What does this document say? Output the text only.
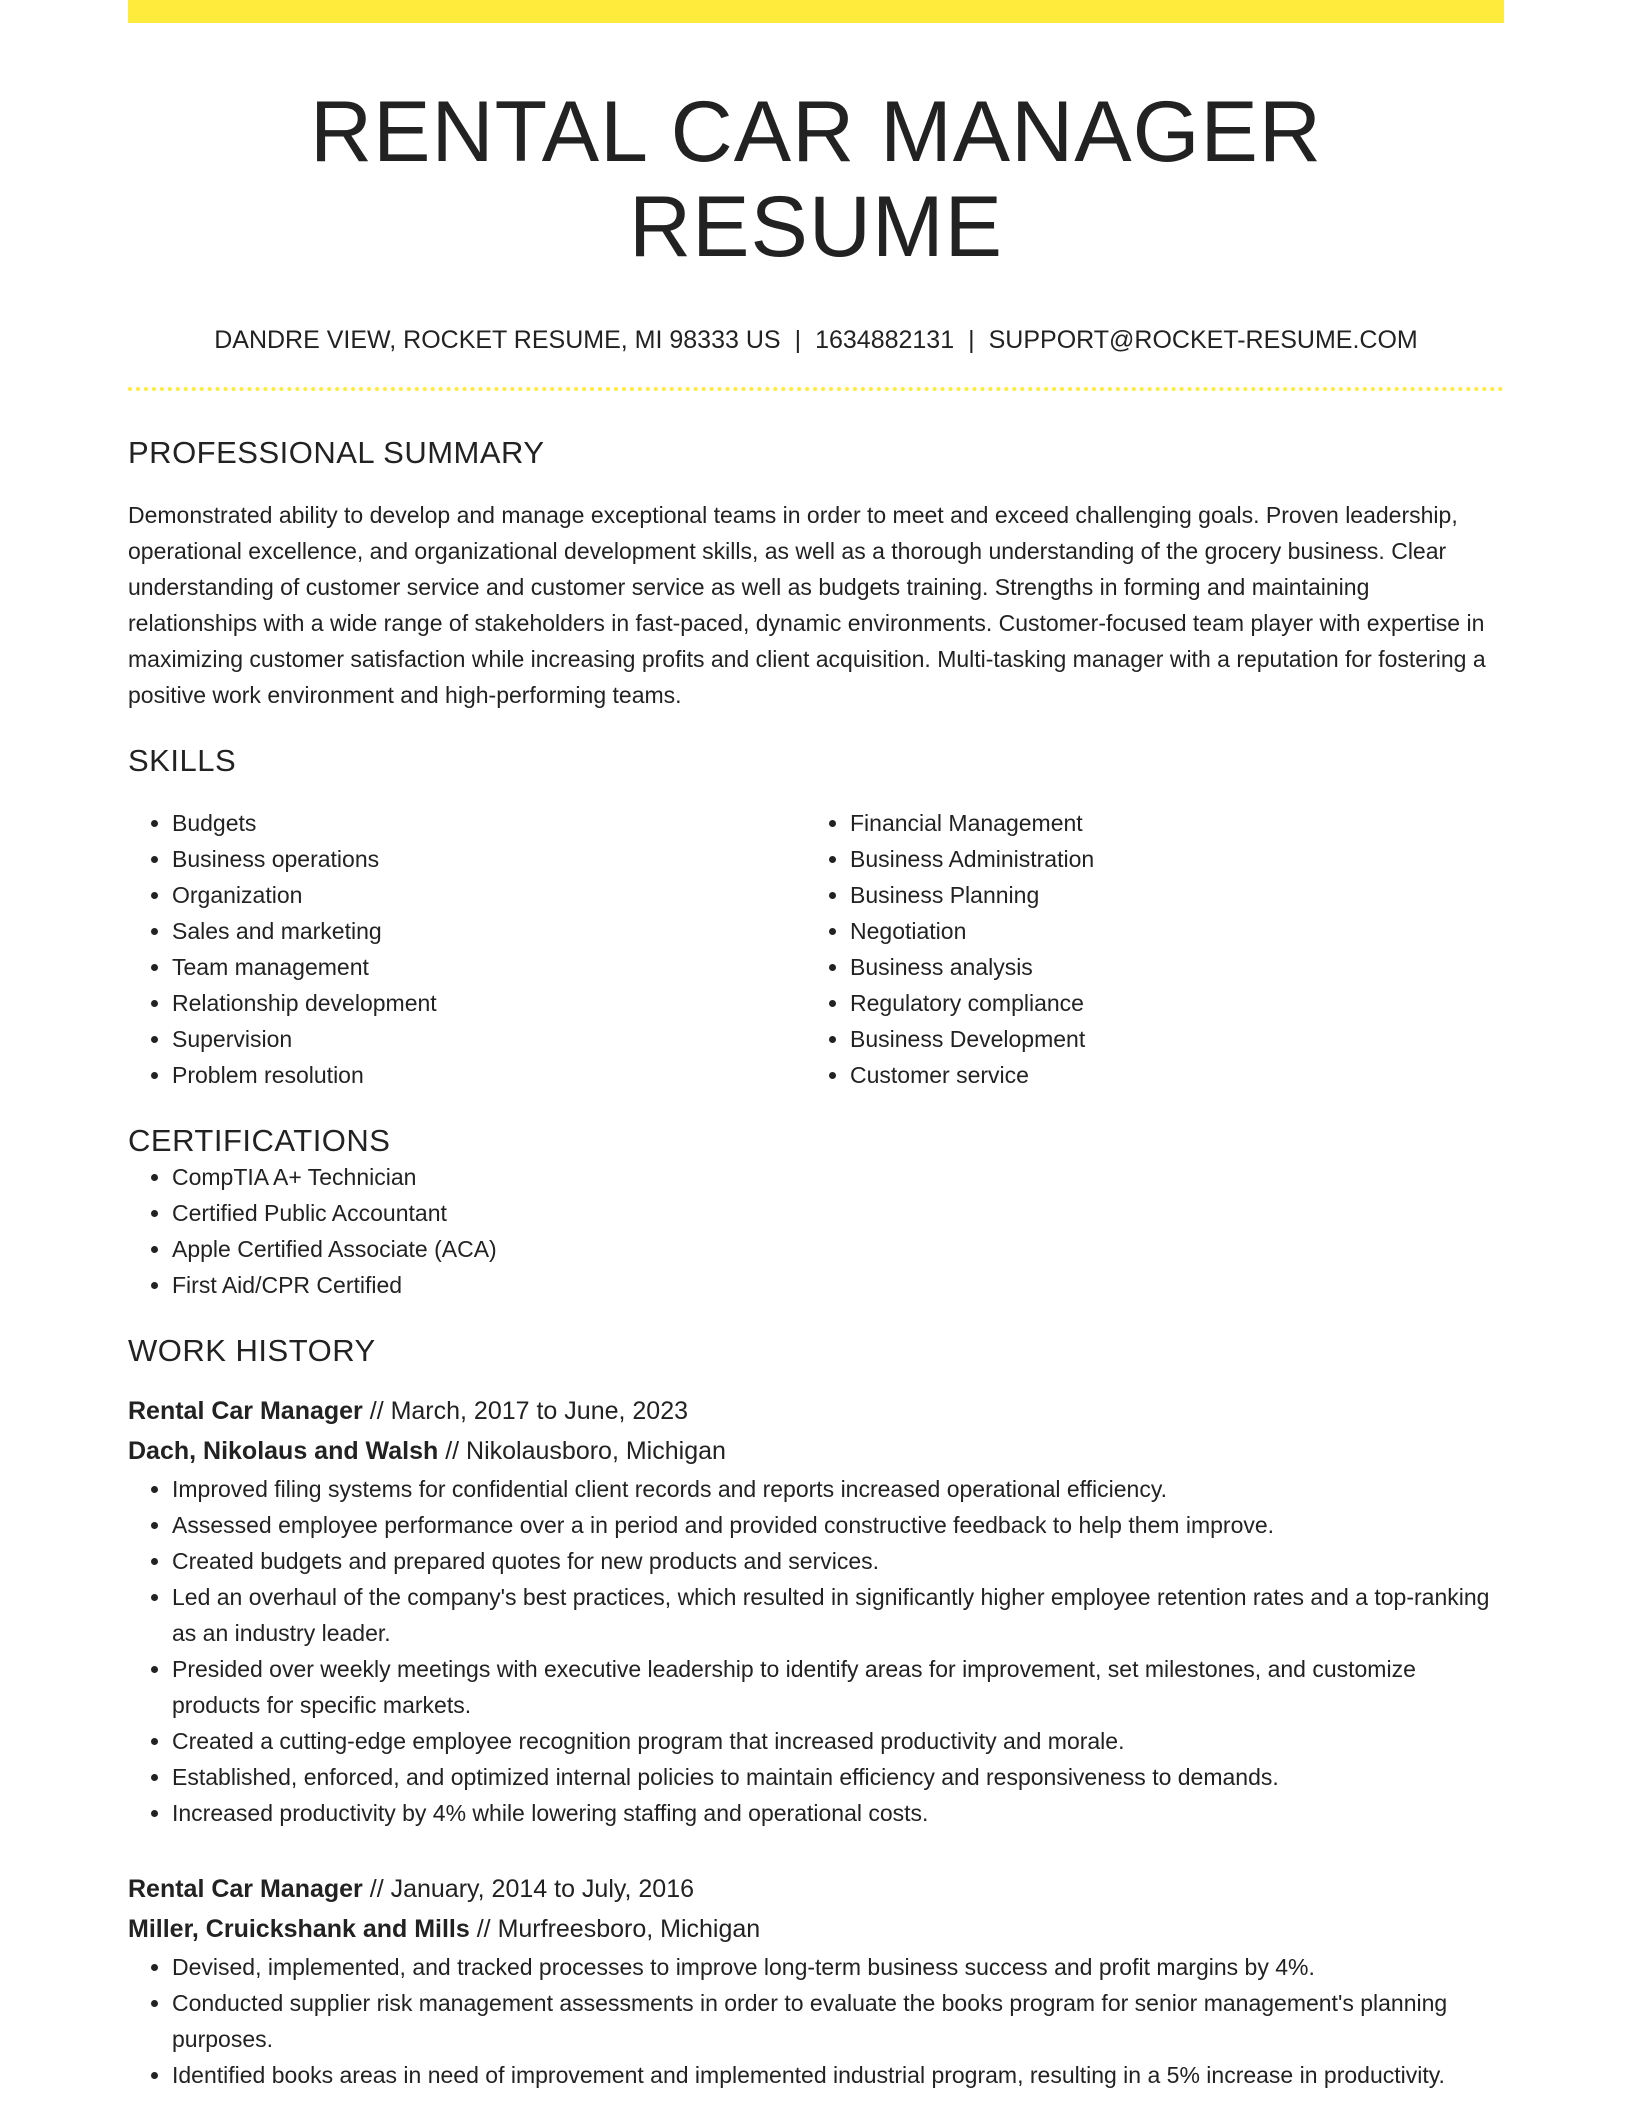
RENTAL CAR MANAGER RESUME
DANDRE VIEW, ROCKET RESUME, MI 98333 US | 1634882131 | SUPPORT@ROCKET-RESUME.COM
PROFESSIONAL SUMMARY
Demonstrated ability to develop and manage exceptional teams in order to meet and exceed challenging goals. Proven leadership, operational excellence, and organizational development skills, as well as a thorough understanding of the grocery business. Clear understanding of customer service and customer service as well as budgets training. Strengths in forming and maintaining relationships with a wide range of stakeholders in fast-paced, dynamic environments. Customer-focused team player with expertise in maximizing customer satisfaction while increasing profits and client acquisition. Multi-tasking manager with a reputation for fostering a positive work environment and high-performing teams.
SKILLS
• Budgets
• Business operations
• Organization
• Sales and marketing
• Team management
• Relationship development
• Supervision
• Problem resolution
• Financial Management
• Business Administration
• Business Planning
• Negotiation
• Business analysis
• Regulatory compliance
• Business Development
• Customer service
CERTIFICATIONS
• CompTIA A+ Technician
• Certified Public Accountant
• Apple Certified Associate (ACA)
• First Aid/CPR Certified
WORK HISTORY
Rental Car Manager // March, 2017 to June, 2023
Dach, Nikolaus and Walsh // Nikolausboro, Michigan
• Improved filing systems for confidential client records and reports increased operational efficiency.
• Assessed employee performance over a in period and provided constructive feedback to help them improve.
• Created budgets and prepared quotes for new products and services.
• Led an overhaul of the company's best practices, which resulted in significantly higher employee retention rates and a top-ranking as an industry leader.
• Presided over weekly meetings with executive leadership to identify areas for improvement, set milestones, and customize products for specific markets.
• Created a cutting-edge employee recognition program that increased productivity and morale.
• Established, enforced, and optimized internal policies to maintain efficiency and responsiveness to demands.
• Increased productivity by 4% while lowering staffing and operational costs.
Rental Car Manager // January, 2014 to July, 2016
Miller, Cruickshank and Mills // Murfreesboro, Michigan
• Devised, implemented, and tracked processes to improve long-term business success and profit margins by 4%.
• Conducted supplier risk management assessments in order to evaluate the books program for senior management's planning purposes.
• Identified books areas in need of improvement and implemented industrial program, resulting in a 5% increase in productivity.
